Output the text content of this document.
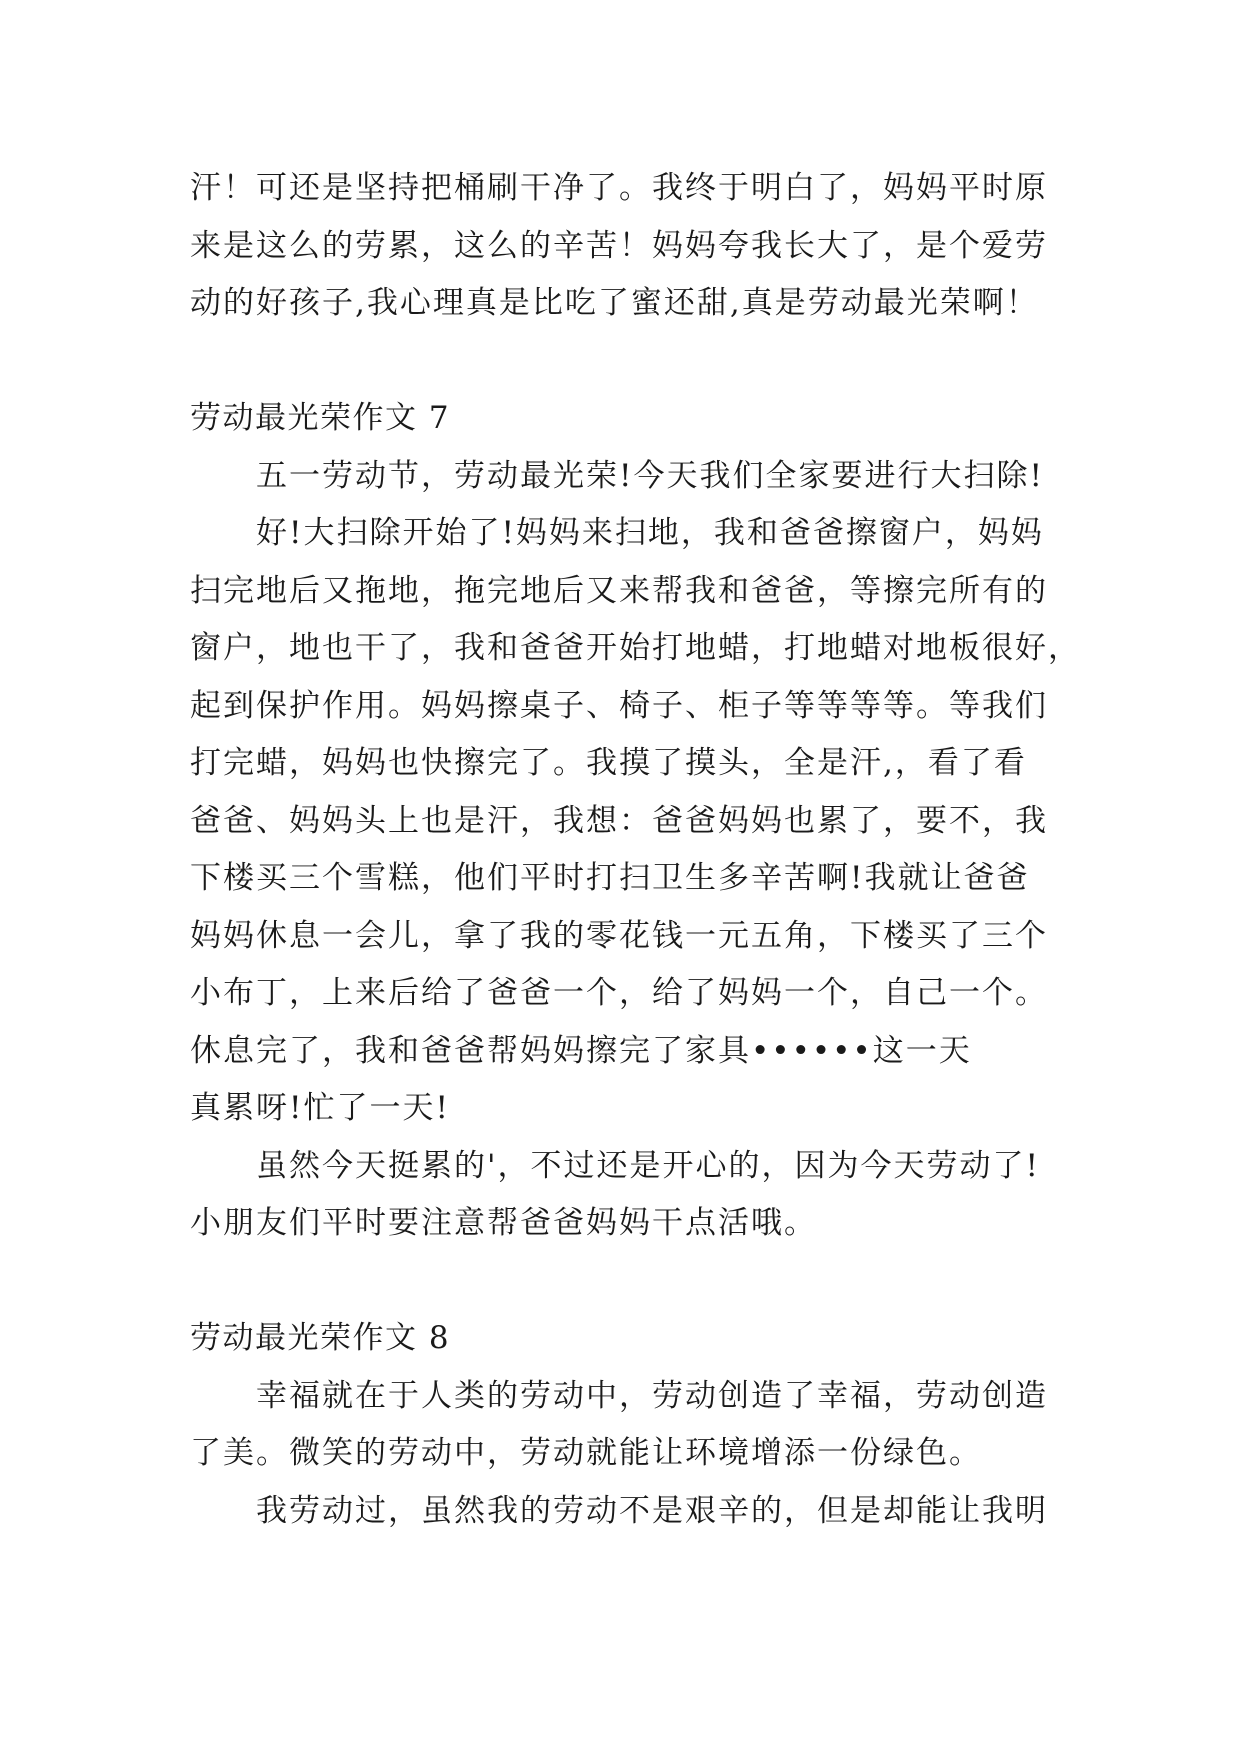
汗！可还是坚持把桶刷干净了。我终于明白了，妈妈平时原
来是这么的劳累，这么的辛苦！妈妈夸我长大了，是个爱劳
动的好孩子,我心理真是比吃了蜜还甜,真是劳动最光荣啊！
劳动最光荣作文 7
五一劳动节，劳动最光荣!今天我们全家要进行大扫除!
好!大扫除开始了!妈妈来扫地，我和爸爸擦窗户，妈妈
扫完地后又拖地，拖完地后又来帮我和爸爸，等擦完所有的
窗户，地也干了，我和爸爸开始打地蜡，打地蜡对地板很好，
起到保护作用。妈妈擦桌子、椅子、柜子等等等等。等我们
打完蜡，妈妈也快擦完了。我摸了摸头，全是汗,，看了看
爸爸、妈妈头上也是汗，我想：爸爸妈妈也累了，要不，我
下楼买三个雪糕，他们平时打扫卫生多辛苦啊!我就让爸爸
妈妈休息一会儿，拿了我的零花钱一元五角，下楼买了三个
小布丁，上来后给了爸爸一个，给了妈妈一个，自己一个。
休息完了，我和爸爸帮妈妈擦完了家具••••••这一天
真累呀!忙了一天!
虽然今天挺累的'，不过还是开心的，因为今天劳动了!
小朋友们平时要注意帮爸爸妈妈干点活哦。
劳动最光荣作文 8
幸福就在于人类的劳动中，劳动创造了幸福，劳动创造
了美。微笑的劳动中，劳动就能让环境增添一份绿色。
我劳动过，虽然我的劳动不是艰辛的，但是却能让我明
